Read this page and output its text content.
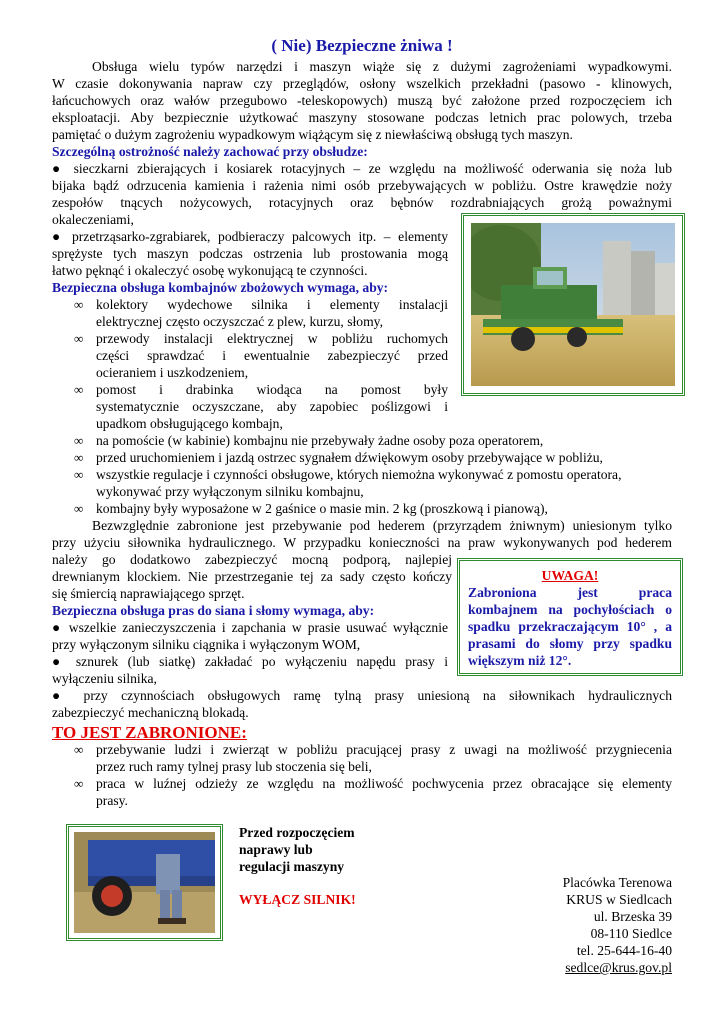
( Nie) Bezpieczne żniwa !
Obsługa wielu typów narzędzi i maszyn wiąże się z dużymi zagrożeniami wypadkowymi.
W czasie dokonywania napraw czy przeglądów, osłony wszelkich przekładni (pasowo - klinowych,
łańcuchowych oraz wałów przegubowo -teleskopowych) muszą być założone przed rozpoczęciem ich
eksploatacji. Aby bezpiecznie użytkować maszyny stosowane podczas letnich prac polowych, trzeba
pamiętać o dużym zagrożeniu wypadkowym wiążącym się z niewłaściwą obsługą tych maszyn.
Szczególną ostrożność należy zachować przy obsłudze:
● sieczkarni zbierających i kosiarek rotacyjnych – ze względu na możliwość oderwania się noża lub
bijaka bądź odrzucenia kamienia i rażenia nimi osób przebywających w pobliżu. Ostre krawędzie noży
zespołów tnących nożycowych, rotacyjnych oraz bębnów rozdrabniających grożą poważnymi
okaleczeniami,
● przetrząsarko-zgrabiarek, podbieraczy palcowych itp. – elementy
sprężyste tych maszyn podczas ostrzenia lub prostowania mogą
łatwo pęknąć i okaleczyć osobę wykonującą te czynności.
Bezpieczna obsługa kombajnów zbożowych wymaga, aby:
∞ kolektory wydechowe silnika i elementy instalacji
elektrycznej często oczyszczać z plew, kurzu, słomy,
∞ przewody instalacji elektrycznej w pobliżu ruchomych
części sprawdzać i ewentualnie zabezpieczyć przed
ocieraniem i uszkodzeniem,
∞ pomost i drabinka wiodąca na pomost były
systematycznie oczyszczane, aby zapobiec poślizgowi i
upadkom obsługującego kombajn,
∞ na pomoście (w kabinie) kombajnu nie przebywały żadne osoby poza operatorem,
∞ przed uruchomieniem i jazdą ostrzec sygnałem dźwiękowym osoby przebywające w pobliżu,
∞ wszystkie regulacje i czynności obsługowe, których niemożna wykonywać z pomostu operatora,
wykonywać przy wyłączonym silniku kombajnu,
∞ kombajny były wyposażone w 2 gaśnice o masie min. 2 kg (proszkową i pianową),
Bezwzględnie zabronione jest przebywanie pod hederem (przyrządem żniwnym) uniesionym tylko
przy użyciu siłownika hydraulicznego. W przypadku konieczności na praw wykonywanych pod hederem
należy go dodatkowo zabezpieczyć mocną podporą, najlepiej
drewnianym klockiem. Nie przestrzeganie tej za sady często kończy
się śmiercią naprawiającego sprzęt.
UWAGA!
Zabroniona jest praca
kombajnem na pochyłościach o
spadku przekraczającym 10° , a
prasami do słomy przy spadku
większym niż 12°.
Bezpieczna obsługa pras do siana i słomy wymaga, aby:
● wszelkie zanieczyszczenia i zapchania w prasie usuwać wyłącznie
przy wyłączonym silniku ciągnika i wyłączonym WOM,
● sznurek (lub siatkę) zakładać po wyłączeniu napędu prasy i
wyłączeniu silnika,
● przy czynnościach obsługowych ramę tylną prasy uniesioną na siłownikach hydraulicznych
zabezpieczyć mechaniczną blokadą.
TO JEST ZABRONIONE:
∞ przebywanie ludzi i zwierząt w pobliżu pracującej prasy z uwagi na możliwość przygniecenia
przez ruch ramy tylnej prasy lub stoczenia się beli,
∞ praca w luźnej odzieży ze względu na możliwość pochwycenia przez obracające się elementy
prasy.
Przed rozpoczęciem
naprawy lub
regulacji maszyny
WYŁĄCZ SILNIK!
Placówka Terenowa
KRUS w Siedlcach
ul. Brzeska 39
08-110 Siedlce
tel. 25-644-16-40
sedlce@krus.gov.pl
